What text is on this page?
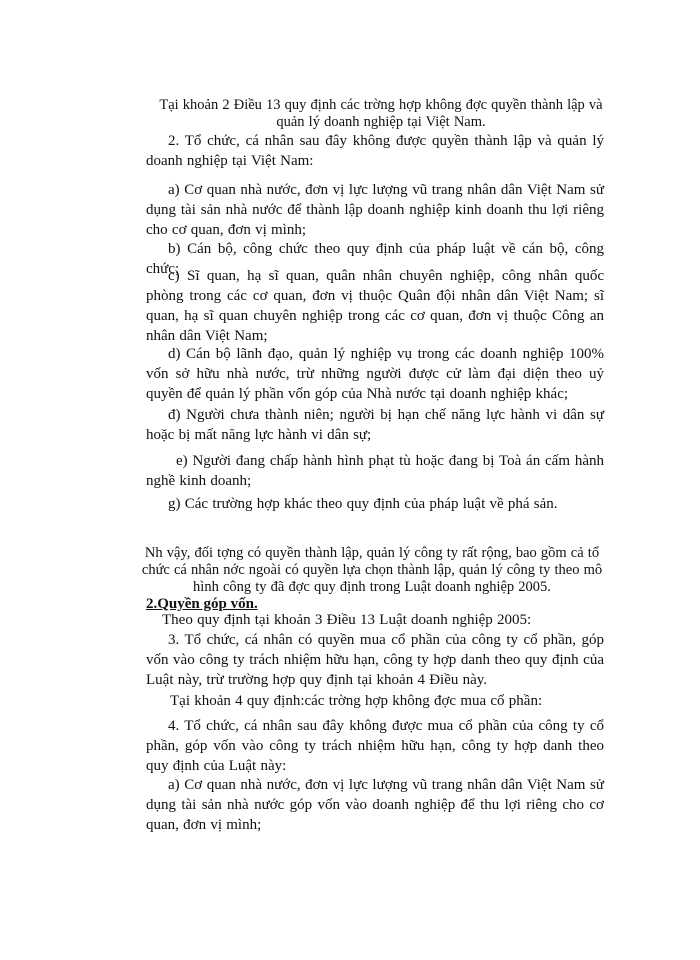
Tại khoản 2 Điều 13 quy định các trờng hợp không đợc quyền thành lập và quản lý doanh nghiệp tại Việt Nam.

2. Tổ chức, cá nhân sau đây không được quyền thành lập và quản lý doanh nghiệp tại Việt Nam:

a) Cơ quan nhà nước, đơn vị lực lượng vũ trang nhân dân Việt Nam sử dụng tài sản nhà nước để thành lập doanh nghiệp kinh doanh thu lợi riêng cho cơ quan, đơn vị mình;

b) Cán bộ, công chức theo quy định của pháp luật về cán bộ, công chức;

c) Sĩ quan, hạ sĩ quan, quân nhân chuyên nghiệp, công nhân quốc phòng trong các cơ quan, đơn vị thuộc Quân đội nhân dân Việt Nam; sĩ quan, hạ sĩ quan chuyên nghiệp trong các cơ quan, đơn vị thuộc Công an nhân dân Việt Nam;

d) Cán bộ lãnh đạo, quản lý nghiệp vụ trong các doanh nghiệp 100% vốn sở hữu nhà nước, trừ những người được cử làm đại diện theo uỷ quyền để quản lý phần vốn góp của Nhà nước tại doanh nghiệp khác;

đ) Người chưa thành niên; người bị hạn chế năng lực hành vi dân sự hoặc bị mất năng lực hành vi dân sự;

e) Người đang chấp hành hình phạt tù hoặc đang bị Toà án cấm hành nghề kinh doanh;

g) Các trường hợp khác theo quy định của pháp luật về phá sản.

Nh vậy, đối tợng có quyền thành lập, quản lý công ty rất rộng, bao gồm cả tổ chức cá nhân nớc ngoài có quyền lựa chọn thành lập, quản lý công ty theo mô hình công ty đã đợc quy định trong Luật doanh nghiệp 2005.

2.Quyền góp vốn.

Theo quy định tại khoản 3 Điều 13 Luật doanh nghiệp 2005:

3. Tổ chức, cá nhân có quyền mua cổ phần của công ty cổ phần, góp vốn vào công ty trách nhiệm hữu hạn, công ty hợp danh theo quy định của Luật này, trừ trường hợp quy định tại khoản 4 Điều này.

Tại khoản 4 quy định:các trờng hợp không đợc mua cổ phần:

4. Tổ chức, cá nhân sau đây không được mua cổ phần của công ty cổ phần, góp vốn vào công ty trách nhiệm hữu hạn, công ty hợp danh theo quy định của Luật này:

a) Cơ quan nhà nước, đơn vị lực lượng vũ trang nhân dân Việt Nam sử dụng tài sản nhà nước góp vốn vào doanh nghiệp để thu lợi riêng cho cơ quan, đơn vị mình;
